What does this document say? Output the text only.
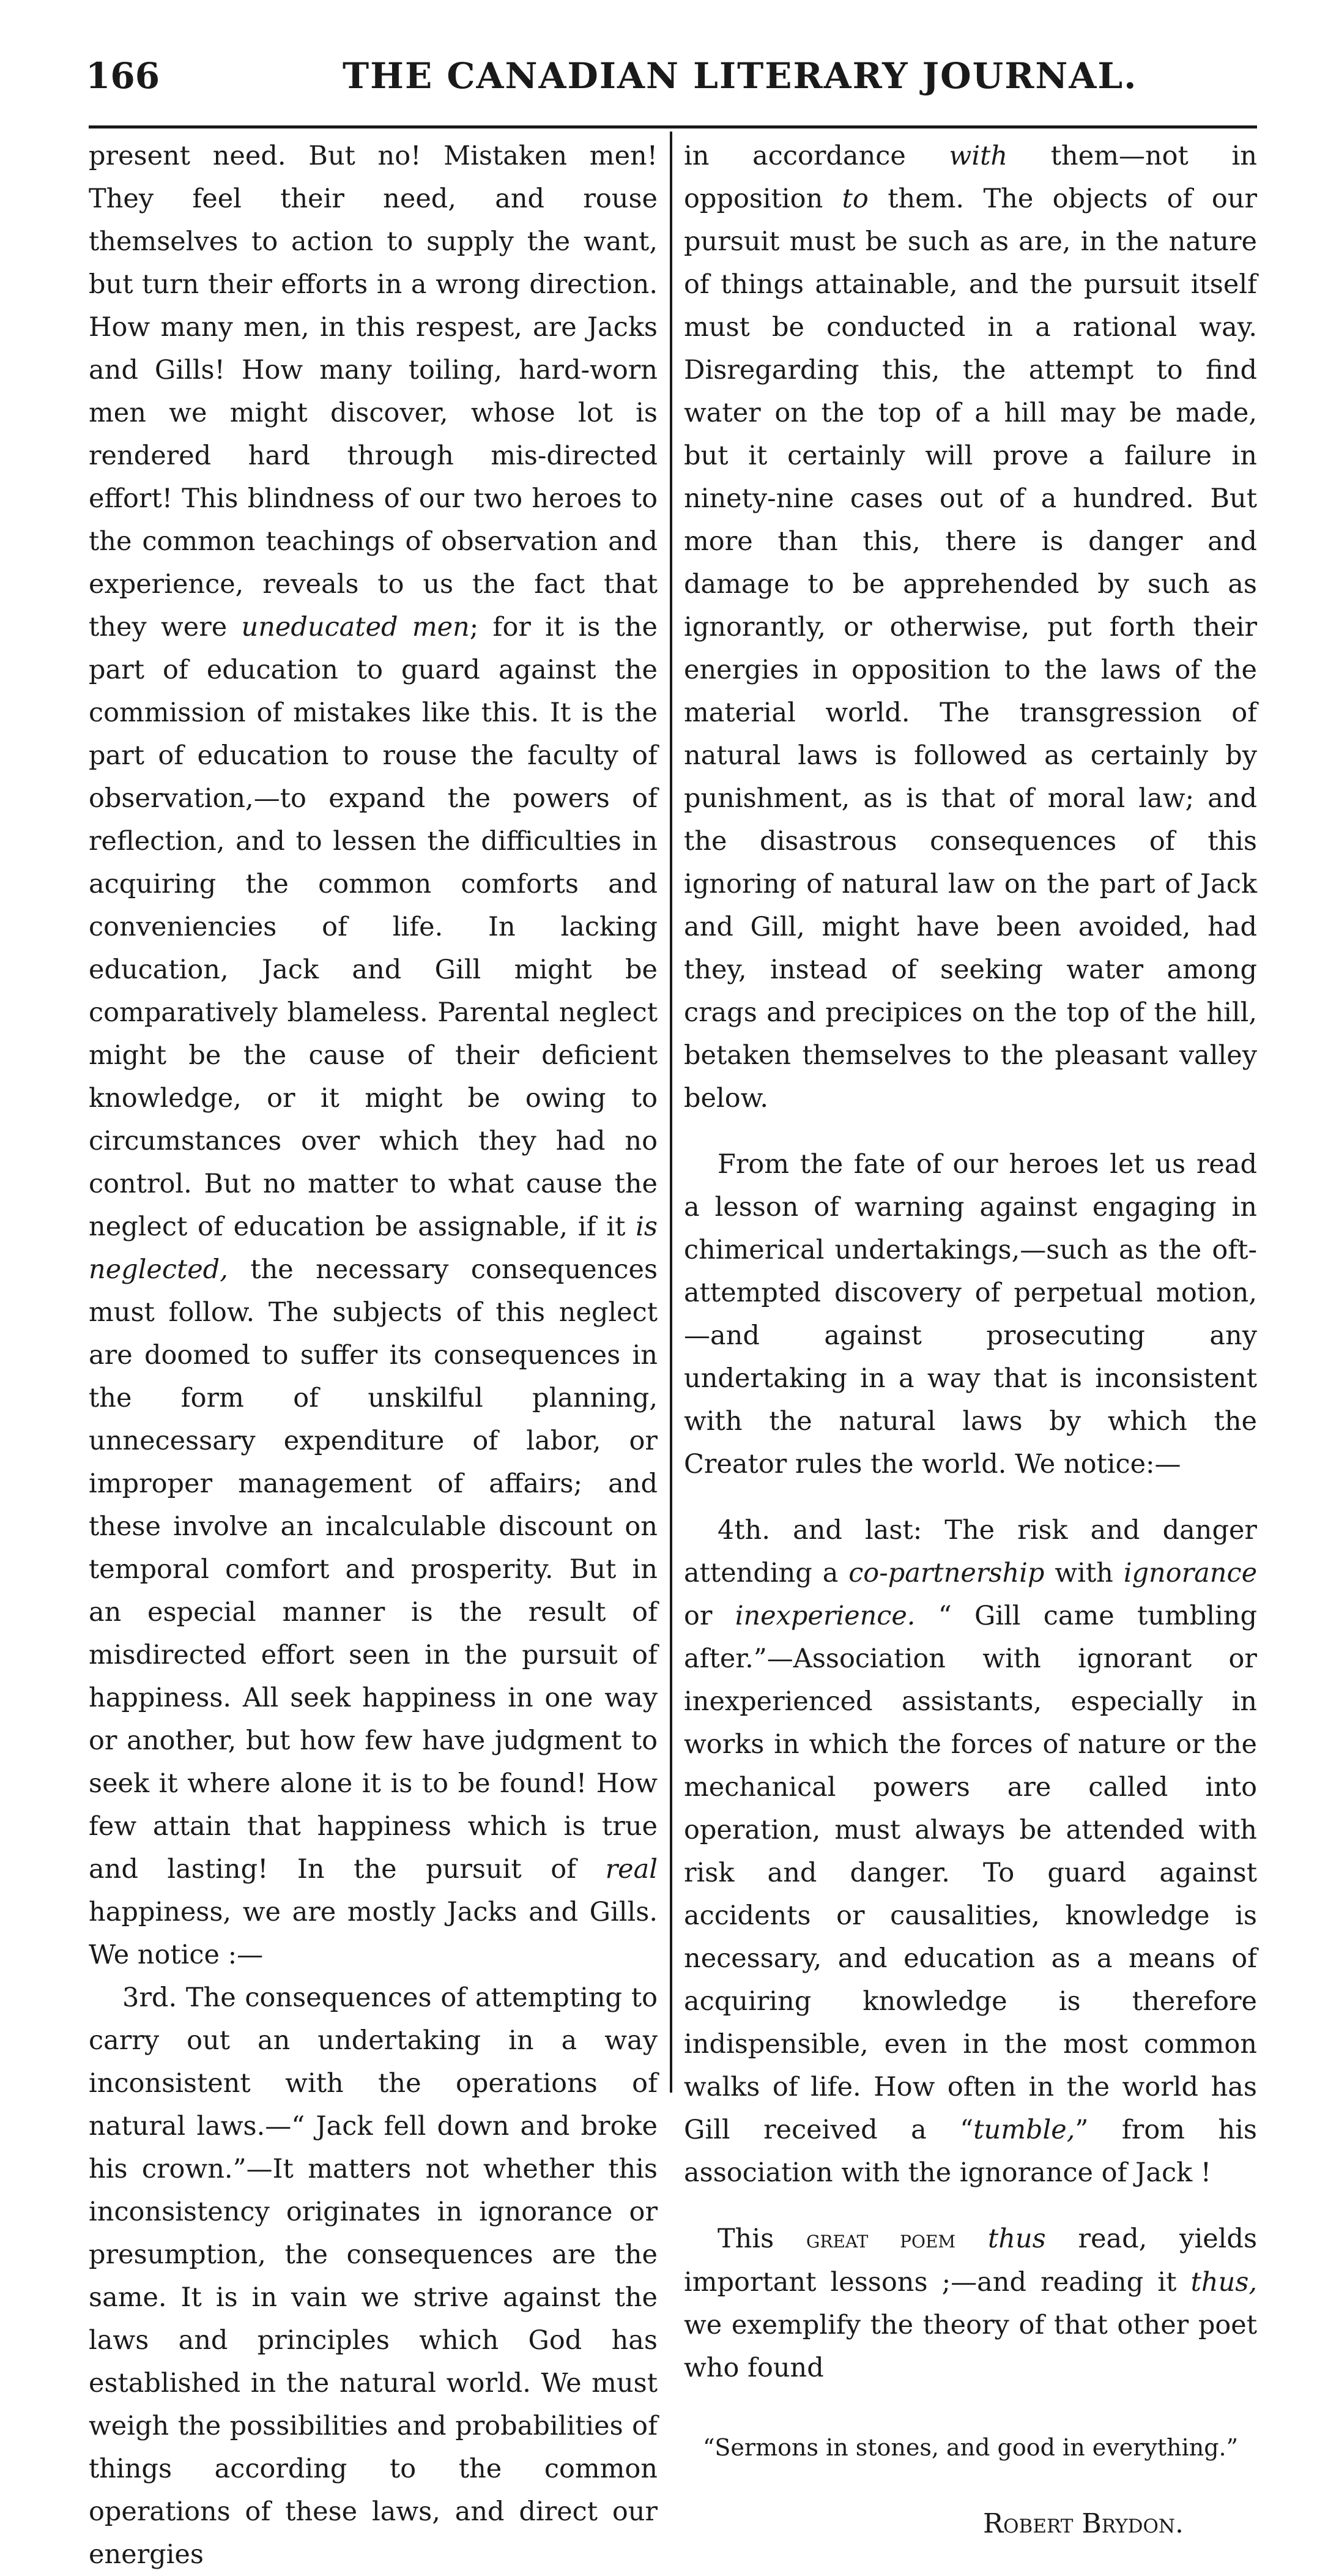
166	THE CANADIAN LITERARY JOURNAL.

present need. But no! Mistaken men! They feel their need, and rouse themselves to action to supply the want, but turn their efforts in a wrong direction. How many men, in this respest, are Jacks and Gills! How many toiling, hard-worn men we might discover, whose lot is rendered hard through mis-directed effort! This blindness of our two heroes to the common teachings of observation and experience, reveals to us the fact that they were uneducated men; for it is the part of education to guard against the commission of mistakes like this. It is the part of education to rouse the faculty of observation,—to expand the powers of reflection, and to lessen the difficulties in acquiring the common comforts and conveniencies of life. In lacking education, Jack and Gill might be comparatively blameless. Parental neglect might be the cause of their deficient knowledge, or it might be owing to circumstances over which they had no control. But no matter to what cause the neglect of education be assignable, if it is neglected, the necessary consequences must follow. The subjects of this neglect are doomed to suffer its consequences in the form of unskilful planning, unnecessary expenditure of labor, or improper management of affairs; and these involve an incalculable discount on temporal comfort and prosperity. But in an especial manner is the result of misdirected effort seen in the pursuit of happiness. All seek happiness in one way or another, but how few have judgment to seek it where alone it is to be found! How few attain that happiness which is true and lasting! In the pursuit of real happiness, we are mostly Jacks and Gills. We notice :—

3rd. The consequences of attempting to carry out an undertaking in a way inconsistent with the operations of natural laws.—“ Jack fell down and broke his crown.”—It matters not whether this inconsistency originates in ignorance or presumption, the consequences are the same. It is in vain we strive against the laws and principles which God has established in the natural world. We must weigh the possibilities and probabilities of things according to the common operations of these laws, and direct our energies

in accordance with them—not in opposition to them. The objects of our pursuit must be such as are, in the nature of things attainable, and the pursuit itself must be conducted in a rational way. Disregarding this, the attempt to find water on the top of a hill may be made, but it certainly will prove a failure in ninety-nine cases out of a hundred. But more than this, there is danger and damage to be apprehended by such as ignorantly, or otherwise, put forth their energies in opposition to the laws of the material world. The transgression of natural laws is followed as certainly by punishment, as is that of moral law; and the disastrous consequences of this ignoring of natural law on the part of Jack and Gill, might have been avoided, had they, instead of seeking water among crags and precipices on the top of the hill, betaken themselves to the pleasant valley below.

From the fate of our heroes let us read a lesson of warning against engaging in chimerical undertakings,—such as the oft-attempted discovery of perpetual motion,—and against prosecuting any undertaking in a way that is inconsistent with the natural laws by which the Creator rules the world. We notice:—

4th. and last: The risk and danger attending a co-partnership with ignorance or inexperience. “ Gill came tumbling after.”—Association with ignorant or inexperienced assistants, especially in works in which the forces of nature or the mechanical powers are called into operation, must always be attended with risk and danger. To guard against accidents or causalities, knowledge is necessary, and education as a means of acquiring knowledge is therefore indispensible, even in the most common walks of life. How often in the world has Gill received a “tumble,” from his association with the ignorance of Jack !

This great poem thus read, yields important lessons ;—and reading it thus, we exemplify the theory of that other poet who found

“Sermons in stones, and good in everything.”

Robert Brydon.
